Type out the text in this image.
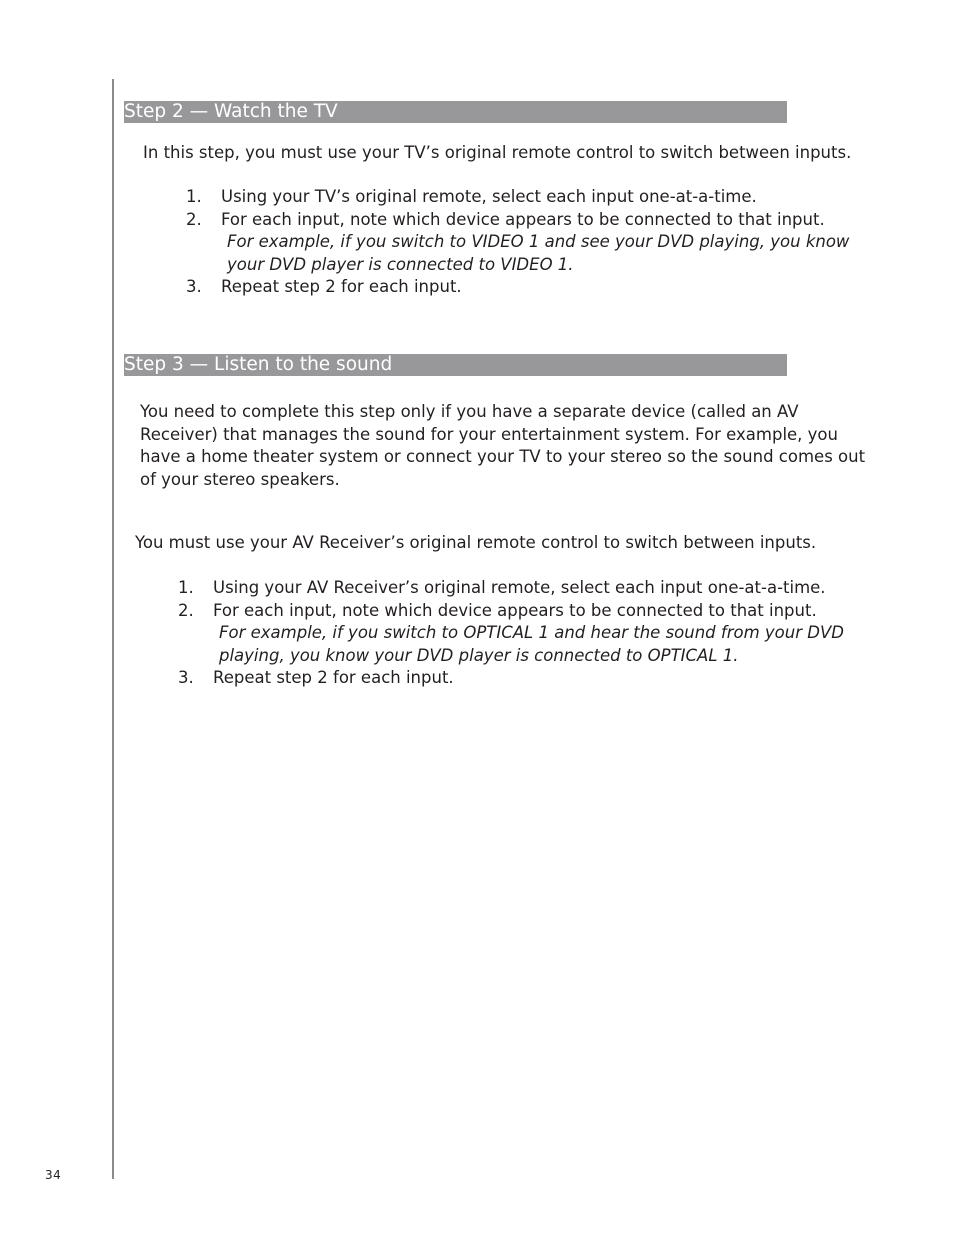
Step 2 — Watch the TV

In this step, you must use your TV’s original remote control to switch between inputs.

1. Using your TV’s original remote, select each input one-at-a-time.
2. For each input, note which device appears to be connected to that input.
For example, if you switch to VIDEO 1 and see your DVD playing, you know your DVD player is connected to VIDEO 1.
3. Repeat step 2 for each input.
Step 3 — Listen to the sound

You need to complete this step only if you have a separate device (called an AV Receiver) that manages the sound for your entertainment system. For example, you have a home theater system or connect your TV to your stereo so the sound comes out of your stereo speakers.

You must use your AV Receiver’s original remote control to switch between inputs.

1. Using your AV Receiver’s original remote, select each input one-at-a-time.
2. For each input, note which device appears to be connected to that input.
For example, if you switch to OPTICAL 1 and hear the sound from your DVD playing, you know your DVD player is connected to OPTICAL 1.
3. Repeat step 2 for each input.
34
